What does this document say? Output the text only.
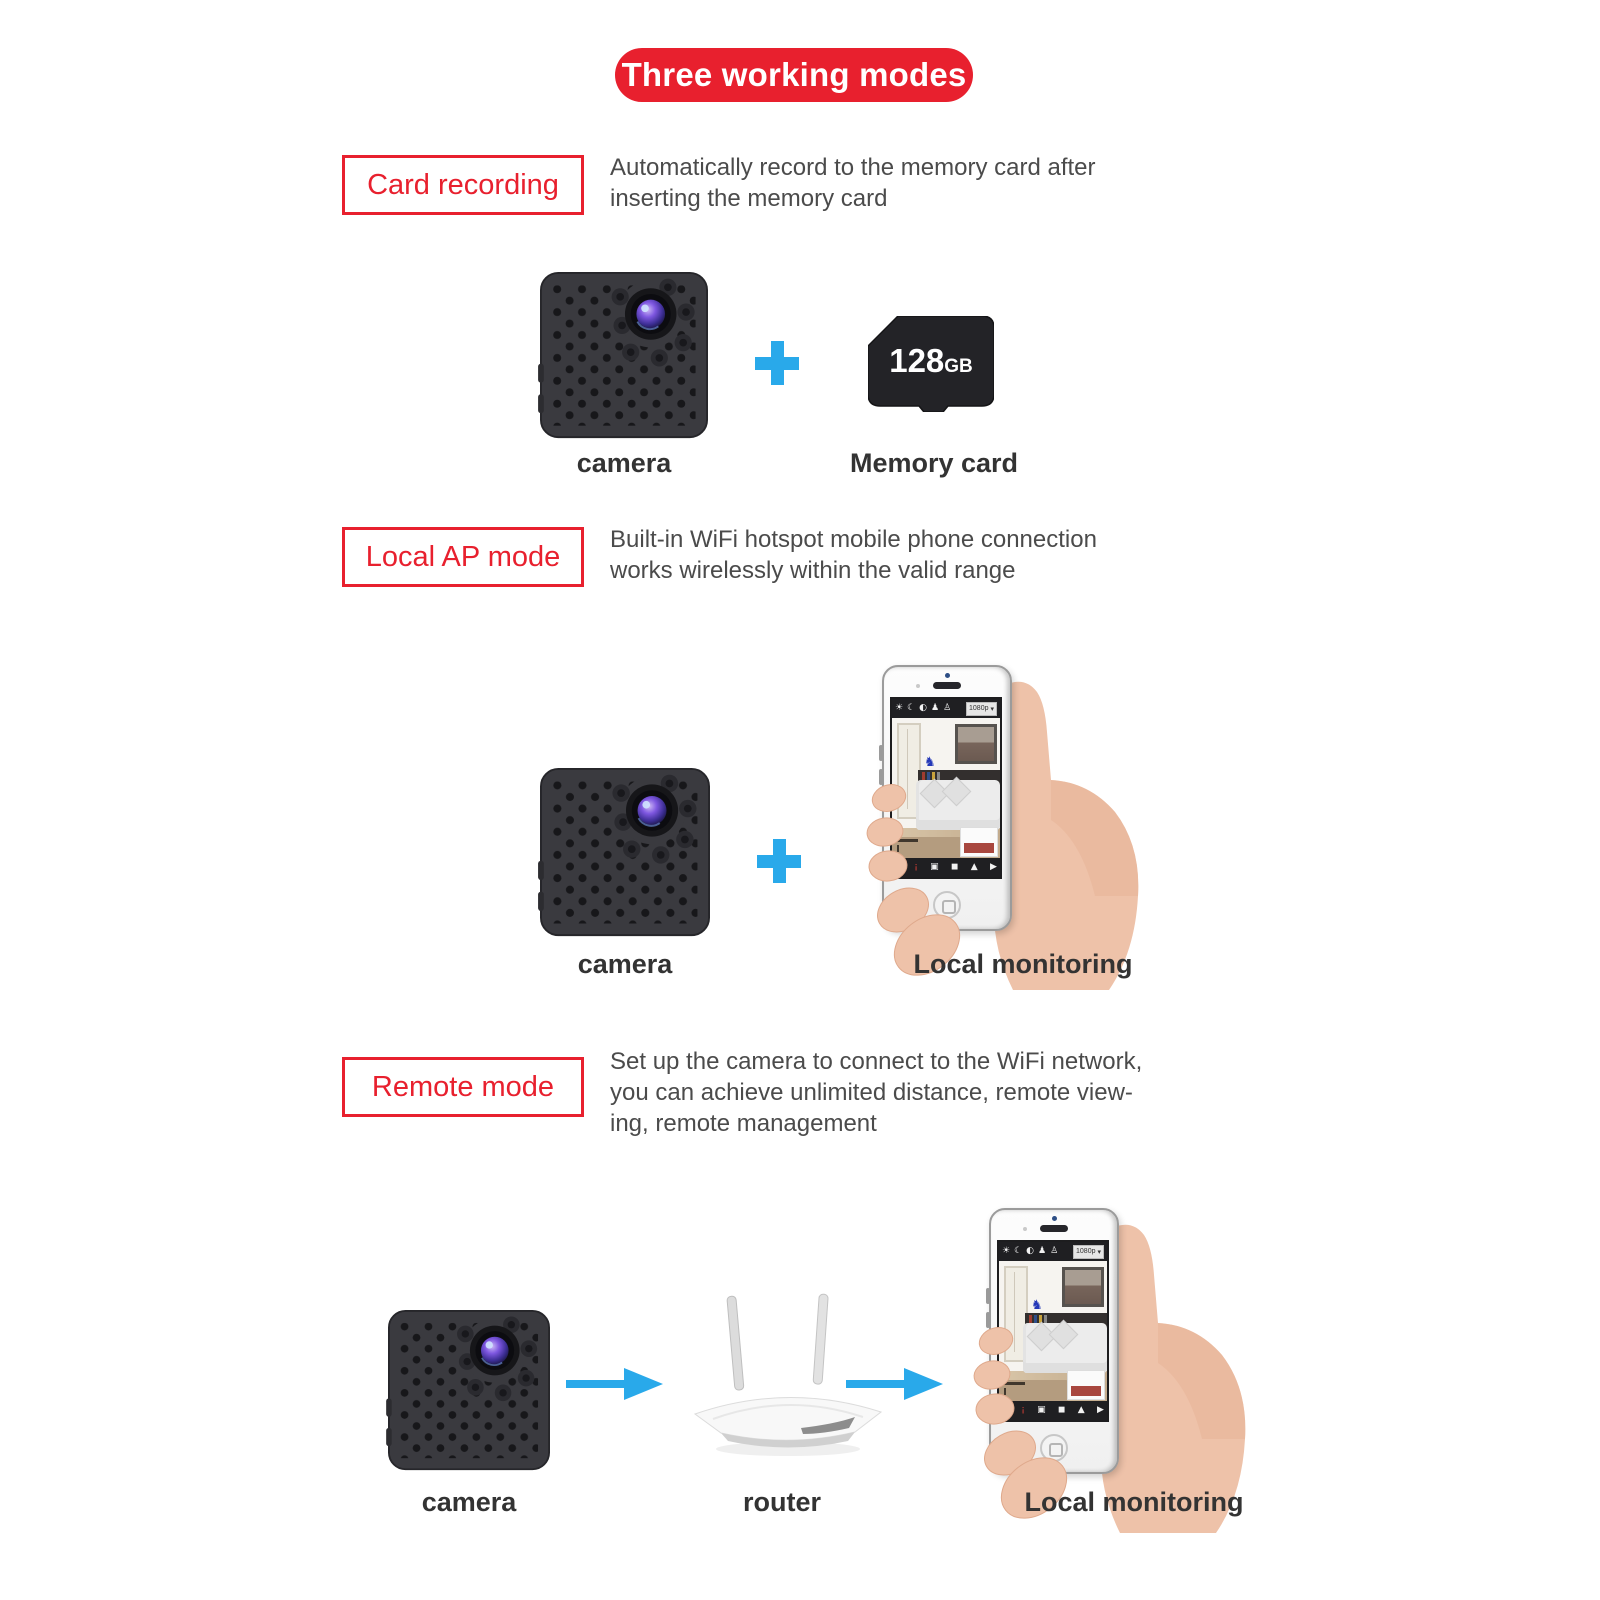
Three working modes
Card recording
Automatically record to the memory card after
inserting the memory card
camera
128GB
Memory card
Local AP mode
Built-in WiFi hotspot mobile phone connection
works wirelessly within the valid range
camera
☀ ☾ ◐ ♟ ♙	1080p ▾
♞
¡ ▣ ◼ ▲ ▶
Local monitoring
Remote mode
Set up the camera to connect to the WiFi network,
you can achieve unlimited distance, remote view-
ing, remote management
camera	router
☀ ☾ ◐ ♟ ♙	1080p ▾
♞
¡ ▣ ◼ ▲ ▶
Local monitoring
